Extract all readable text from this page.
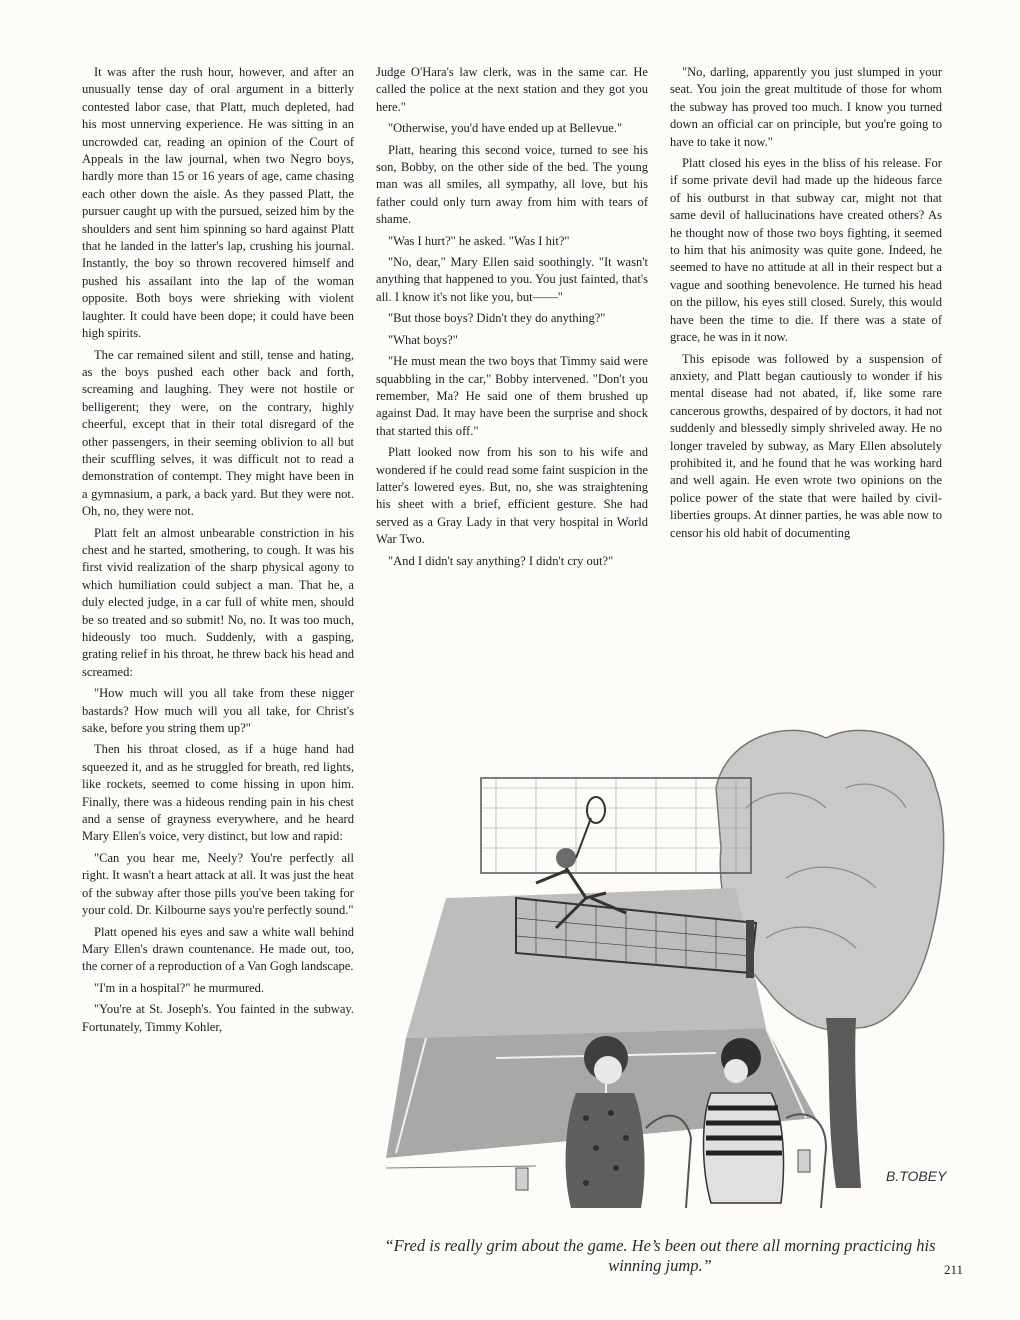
It was after the rush hour, however, and after an unusually tense day of oral argument in a bitterly contested labor case, that Platt, much depleted, had his most unnerving experience. He was sitting in an uncrowded car, reading an opinion of the Court of Appeals in the law journal, when two Negro boys, hardly more than 15 or 16 years of age, came chasing each other down the aisle. As they passed Platt, the pursuer caught up with the pursued, seized him by the shoulders and sent him spinning so hard against Platt that he landed in the latter's lap, crushing his journal. Instantly, the boy so thrown recovered himself and pushed his assailant into the lap of the woman opposite. Both boys were shrieking with violent laughter. It could have been dope; it could have been high spirits.

The car remained silent and still, tense and hating, as the boys pushed each other back and forth, screaming and laughing. They were not hostile or belligerent; they were, on the contrary, highly cheerful, except that in their total disregard of the other passengers, in their seeming oblivion to all but their scuffling selves, it was difficult not to read a demonstration of contempt. They might have been in a gymnasium, a park, a back yard. But they were not. Oh, no, they were not.

Platt felt an almost unbearable constriction in his chest and he started, smothering, to cough. It was his first vivid realization of the sharp physical agony to which humiliation could subject a man. That he, a duly elected judge, in a car full of white men, should be so treated and so submit! No, no. It was too much, hideously too much. Suddenly, with a gasping, grating relief in his throat, he threw back his head and screamed:

"How much will you all take from these nigger bastards? How much will you all take, for Christ's sake, before you string them up?"

Then his throat closed, as if a huge hand had squeezed it, and as he struggled for breath, red lights, like rockets, seemed to come hissing in upon him. Finally, there was a hideous rending pain in his chest and a sense of grayness everywhere, and he heard Mary Ellen's voice, very distinct, but low and rapid:

"Can you hear me, Neely? You're perfectly all right. It wasn't a heart attack at all. It was just the heat of the subway after those pills you've been taking for your cold. Dr. Kilbourne says you're perfectly sound."

Platt opened his eyes and saw a white wall behind Mary Ellen's drawn countenance. He made out, too, the corner of a reproduction of a Van Gogh landscape.

"I'm in a hospital?" he murmured.

"You're at St. Joseph's. You fainted in the subway. Fortunately, Timmy Kohler,

Judge O'Hara's law clerk, was in the same car. He called the police at the next station and they got you here."

"Otherwise, you'd have ended up at Bellevue."

Platt, hearing this second voice, turned to see his son, Bobby, on the other side of the bed. The young man was all smiles, all sympathy, all love, but his father could only turn away from him with tears of shame.

"Was I hurt?" he asked. "Was I hit?"

"No, dear," Mary Ellen said soothingly. "It wasn't anything that happened to you. You just fainted, that's all. I know it's not like you, but——"

"But those boys? Didn't they do anything?"

"What boys?"

"He must mean the two boys that Timmy said were squabbling in the car," Bobby intervened. "Don't you remember, Ma? He said one of them brushed up against Dad. It may have been the surprise and shock that started this off."

Platt looked now from his son to his wife and wondered if he could read some faint suspicion in the latter's lowered eyes. But, no, she was straightening his sheet with a brief, efficient gesture. She had served as a Gray Lady in that very hospital in World War Two.

"And I didn't say anything? I didn't cry out?"

"No, darling, apparently you just slumped in your seat. You join the great multitude of those for whom the subway has proved too much. I know you turned down an official car on principle, but you're going to have to take it now."

Platt closed his eyes in the bliss of his release. For if some private devil had made up the hideous farce of his outburst in that subway car, might not that same devil of hallucinations have created others? As he thought now of those two boys fighting, it seemed to him that his animosity was quite gone. Indeed, he seemed to have no attitude at all in their respect but a vague and soothing benevolence. He turned his head on the pillow, his eyes still closed. Surely, this would have been the time to die. If there was a state of grace, he was in it now.

This episode was followed by a suspension of anxiety, and Platt began cautiously to wonder if his mental disease had not abated, if, like some rare cancerous growths, despaired of by doctors, it had not suddenly and blessedly simply shriveled away. He no longer traveled by subway, as Mary Ellen absolutely prohibited it, and he found that he was working hard and well again. He even wrote two opinions on the police power of the state that were hailed by civil-liberties groups. At dinner parties, he was able now to censor his old habit of documenting

B.TOBEY
“Fred is really grim about the game. He’s been out there all morning practicing his winning jump.”	211
